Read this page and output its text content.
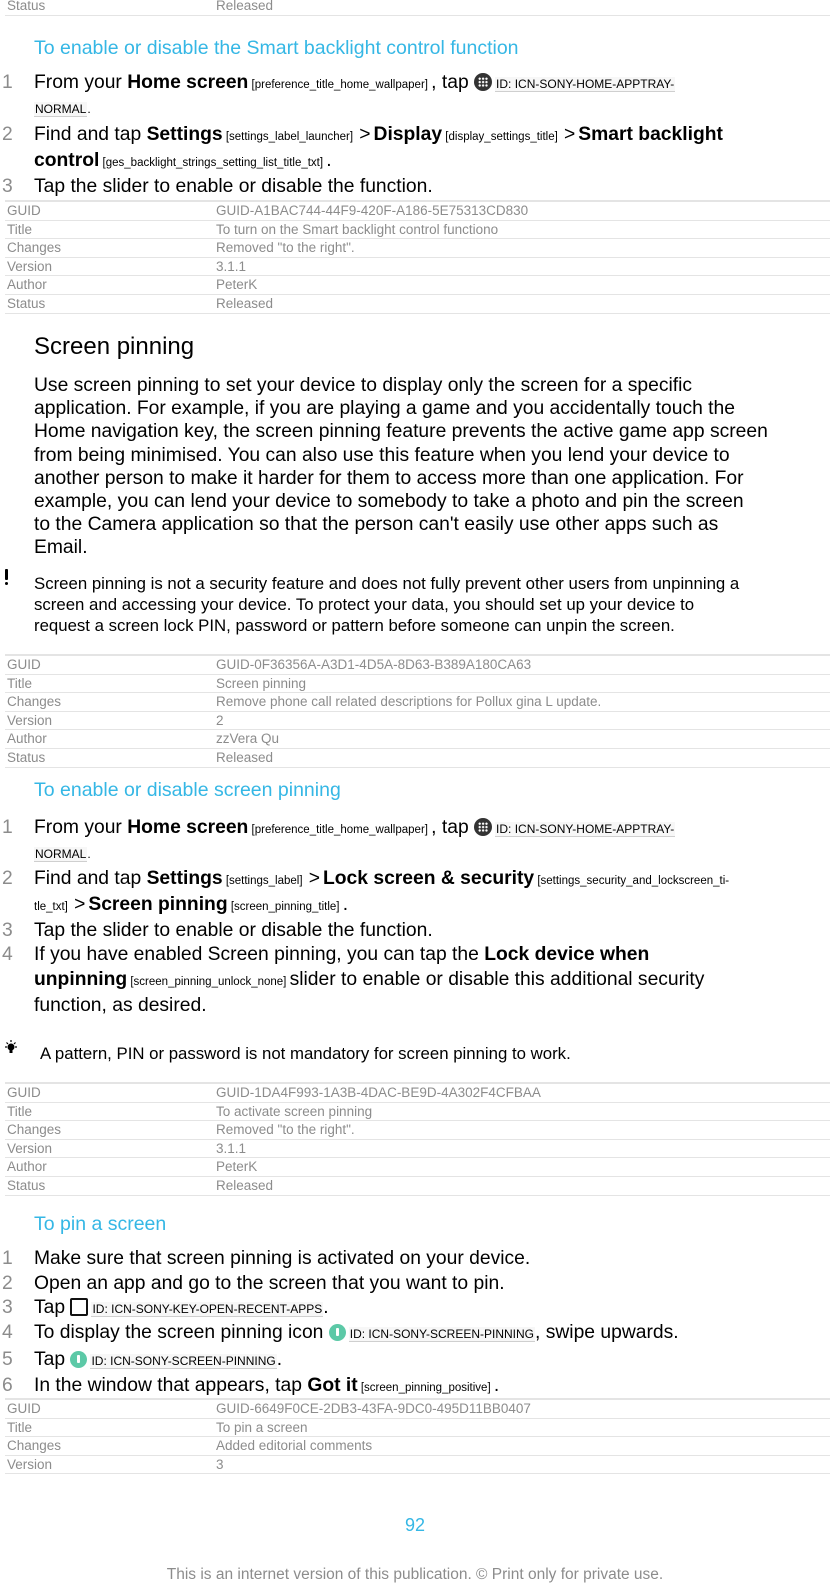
Status	Released
To enable or disable the Smart backlight control function
1 From your Home screen [preference_title_home_wallpaper] , tap ID: ICN-SONY-HOME-APPTRAY-
NORMAL.
2 Find and tap Settings [settings_label_launcher] > Display [display_settings_title] > Smart backlight
control [ges_backlight_strings_setting_list_title_txt] .
3 Tap the slider to enable or disable the function.
GUID	GUID-A1BAC744-44F9-420F-A186-5E75313CD830
Title	To turn on the Smart backlight control functiono
Changes	Removed "to the right".
Version	3.1.1
Author	PeterK
Status	Released
Screen pinning
Use screen pinning to set your device to display only the screen for a specific
application. For example, if you are playing a game and you accidentally touch the
Home navigation key, the screen pinning feature prevents the active game app screen
from being minimised. You can also use this feature when you lend your device to
another person to make it harder for them to access more than one application. For
example, you can lend your device to somebody to take a photo and pin the screen
to the Camera application so that the person can't easily use other apps such as
Email.
Screen pinning is not a security feature and does not fully prevent other users from unpinning a
screen and accessing your device. To protect your data, you should set up your device to
request a screen lock PIN, password or pattern before someone can unpin the screen.
GUID	GUID-0F36356A-A3D1-4D5A-8D63-B389A180CA63
Title	Screen pinning
Changes	Remove phone call related descriptions for Pollux gina L update.
Version	2
Author	zzVera Qu
Status	Released
To enable or disable screen pinning
1 From your Home screen [preference_title_home_wallpaper] , tap ID: ICN-SONY-HOME-APPTRAY-
NORMAL.
2 Find and tap Settings [settings_label] > Lock screen & security [settings_security_and_lockscreen_ti-
tle_txt] > Screen pinning [screen_pinning_title] .
3 Tap the slider to enable or disable the function.
4 If you have enabled Screen pinning, you can tap the Lock device when
unpinning [screen_pinning_unlock_none] slider to enable or disable this additional security
function, as desired.
A pattern, PIN or password is not mandatory for screen pinning to work.
GUID	GUID-1DA4F993-1A3B-4DAC-BE9D-4A302F4CFBAA
Title	To activate screen pinning
Changes	Removed "to the right".
Version	3.1.1
Author	PeterK
Status	Released
To pin a screen
1 Make sure that screen pinning is activated on your device.
2 Open an app and go to the screen that you want to pin.
3 Tap ID: ICN-SONY-KEY-OPEN-RECENT-APPS.
4 To display the screen pinning icon ID: ICN-SONY-SCREEN-PINNING, swipe upwards.
5 Tap ID: ICN-SONY-SCREEN-PINNING.
6 In the window that appears, tap Got it [screen_pinning_positive] .
GUID	GUID-6649F0CE-2DB3-43FA-9DC0-495D11BB0407
Title	To pin a screen
Changes	Added editorial comments
Version	3
92
This is an internet version of this publication. © Print only for private use.
